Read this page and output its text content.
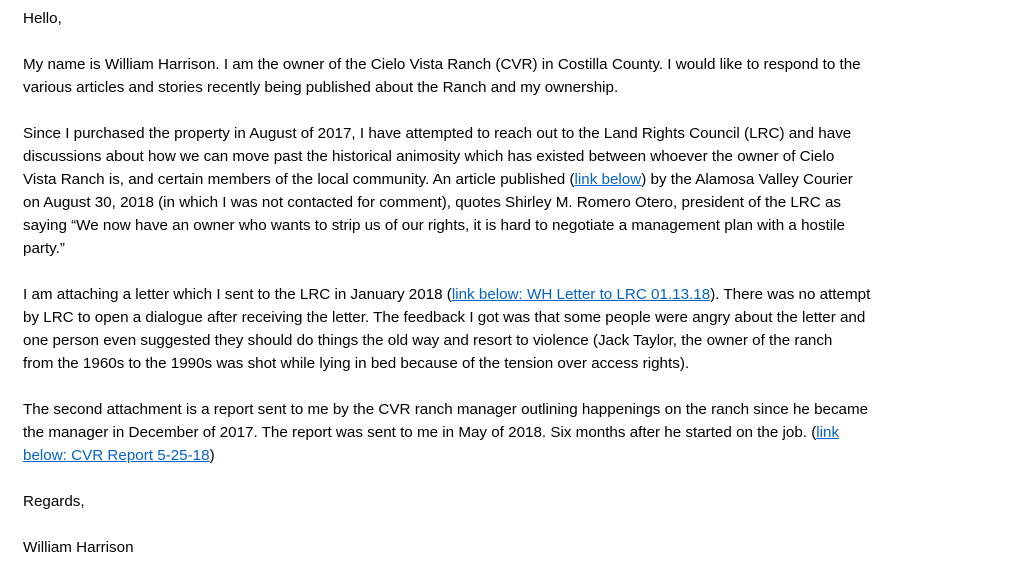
Hello,

My name is William Harrison. I am the owner of the Cielo Vista Ranch (CVR) in Costilla County. I would like to respond to the
various articles and stories recently being published about the Ranch and my ownership.

Since I purchased the property in August of 2017, I have attempted to reach out to the Land Rights Council (LRC) and have
discussions about how we can move past the historical animosity which has existed between whoever the owner of Cielo
Vista Ranch is, and certain members of the local community. An article published (link below) by the Alamosa Valley Courier
on August 30, 2018 (in which I was not contacted for comment), quotes Shirley M. Romero Otero, president of the LRC as
saying “We now have an owner who wants to strip us of our rights, it is hard to negotiate a management plan with a hostile
party.”

I am attaching a letter which I sent to the LRC in January 2018 (link below: WH Letter to LRC 01.13.18). There was no attempt
by LRC to open a dialogue after receiving the letter. The feedback I got was that some people were angry about the letter and
one person even suggested they should do things the old way and resort to violence (Jack Taylor, the owner of the ranch
from the 1960s to the 1990s was shot while lying in bed because of the tension over access rights).

The second attachment is a report sent to me by the CVR ranch manager outlining happenings on the ranch since he became
the manager in December of 2017. The report was sent to me in May of 2018. Six months after he started on the job. (link
below: CVR Report 5-25-18)

Regards,

William Harrison
